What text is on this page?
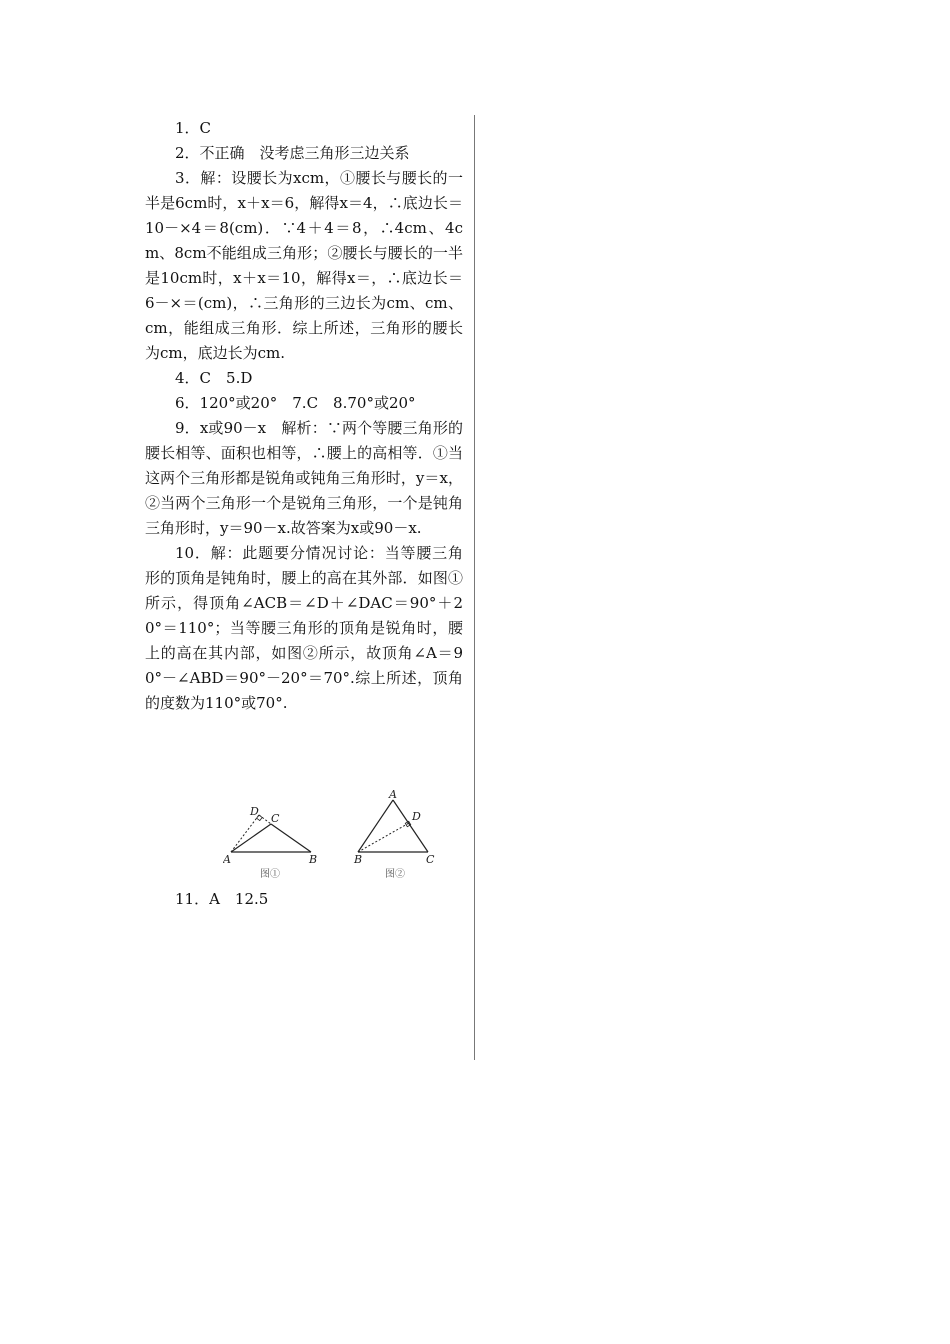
1．C

2．不正确　没考虑三角形三边关系

3．解：设腰长为xcm，①腰长与腰长的一半是6cm时，x＋x＝6，解得x＝4，∴底边长＝10－×4＝8(cm)．∵4＋4＝8，∴4cm、4cm、8cm不能组成三角形；②腰长与腰长的一半是10cm时，x＋x＝10，解得x＝，∴底边长＝6－×＝(cm)，∴三角形的三边长为cm、cm、cm，能组成三角形．综上所述，三角形的腰长为cm，底边长为cm.

4．C　5.D

6．120°或20°　7.C　8.70°或20°

9．x或90－x　解析：∵两个等腰三角形的腰长相等、面积也相等，∴腰上的高相等．①当这两个三角形都是锐角或钝角三角形时，y＝x，②当两个三角形一个是锐角三角形，一个是钝角三角形时，y＝90－x.故答案为x或90－x.

10．解：此题要分情况讨论：当等腰三角形的顶角是钝角时，腰上的高在其外部．如图①所示，得顶角∠ACB＝∠D＋∠DAC＝90°＋20°＝110°；当等腰三角形的顶角是锐角时，腰上的高在其内部，如图②所示，故顶角∠A＝90°－∠ABD＝90°－20°＝70°.综上所述，顶角的度数为110°或70°.

A	B
C
D
图①
A
B	C
D
图②

11．A　12.5
